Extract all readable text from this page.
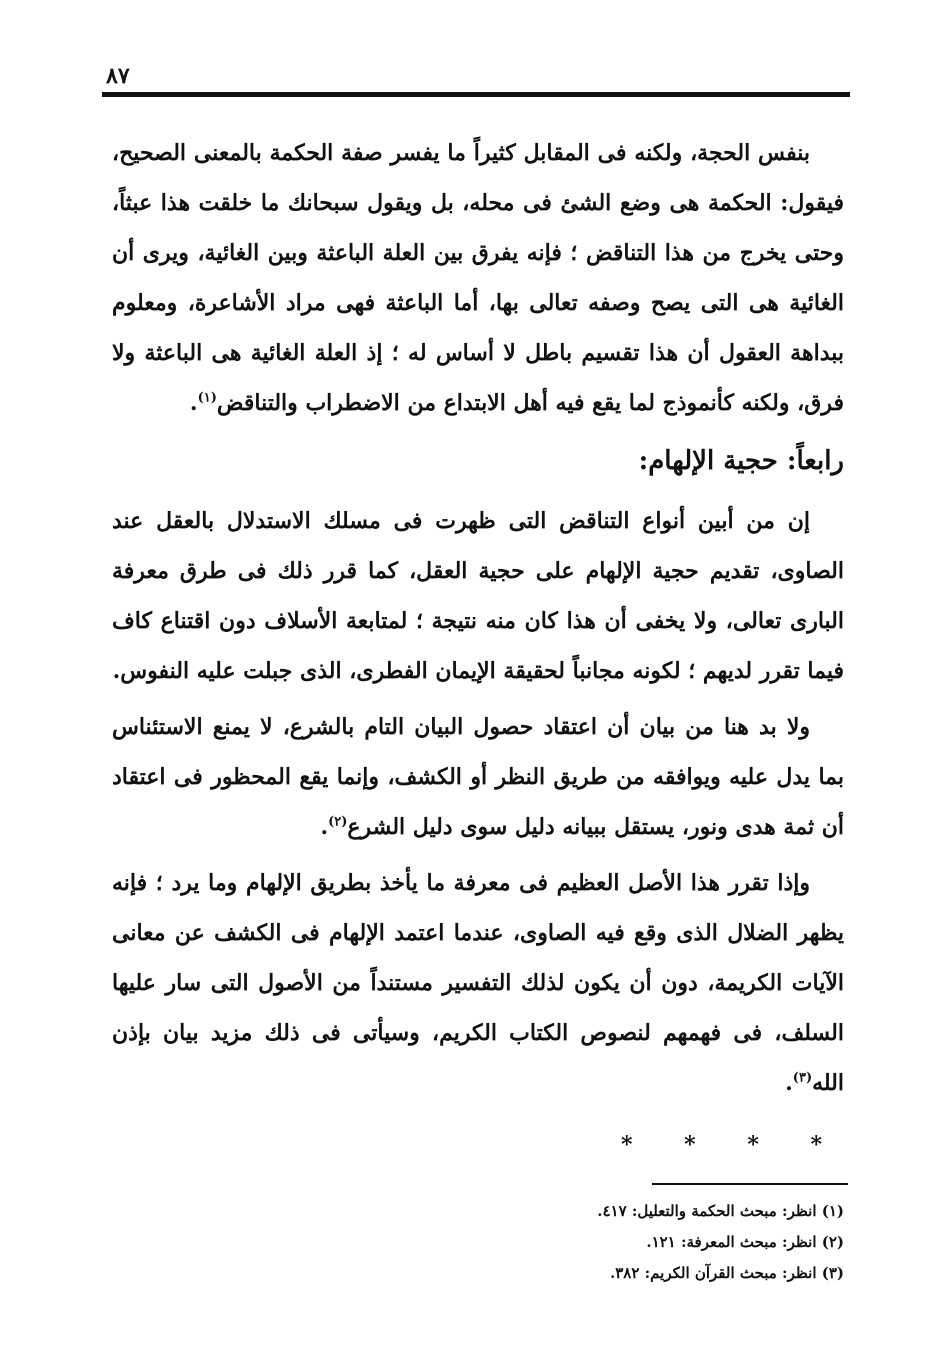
٨٧

بنفس الحجة، ولكنه فى المقابل كثيراً ما يفسر صفة الحكمة بالمعنى الصحيح، فيقول: الحكمة هى وضع الشئ فى محله، بل ويقول سبحانك ما خلقت هذا عبثاً، وحتى يخرج من هذا التناقض ؛ فإنه يفرق بين العلة الباعثة وبين الغائية، ويرى أن الغائية هى التى يصح وصفه تعالى بها، أما الباعثة فهى مراد الأشاعرة، ومعلوم ببداهة العقول أن هذا تقسيم باطل لا أساس له ؛ إذ العلة الغائية هى الباعثة ولا فرق، ولكنه كأنموذج لما يقع فيه أهل الابتداع من الاضطراب والتناقض$^{(١)}$.

رابعاً: حجية الإلهام:

إن من أبين أنواع التناقض التى ظهرت فى مسلك الاستدلال بالعقل عند الصاوى، تقديم حجية الإلهام على حجية العقل، كما قرر ذلك فى طرق معرفة البارى تعالى، ولا يخفى أن هذا كان منه نتيجة ؛ لمتابعة الأسلاف دون اقتناع كاف فيما تقرر لديهم ؛ لكونه مجانباً لحقيقة الإيمان الفطرى، الذى جبلت عليه النفوس.

ولا بد هنا من بيان أن اعتقاد حصول البيان التام بالشرع، لا يمنع الاستئناس بما يدل عليه ويوافقه من طريق النظر أو الكشف، وإنما يقع المحظور فى اعتقاد أن ثمة هدى ونور، يستقل ببيانه دليل سوى دليل الشرع$^{(٢)}$.

وإذا تقرر هذا الأصل العظيم فى معرفة ما يأخذ بطريق الإلهام وما يرد ؛ فإنه يظهر الضلال الذى وقع فيه الصاوى، عندما اعتمد الإلهام فى الكشف عن معانى الآيات الكريمة، دون أن يكون لذلك التفسير مستنداً من الأصول التى سار عليها السلف، فى فهمهم لنصوص الكتاب الكريم، وسيأتى فى ذلك مزيد بيان بإذن الله$^{(٣)}$.

* * * *
(١) انظر: مبحث الحكمة والتعليل: ٤١٧.
(٢) انظر: مبحث المعرفة: ١٢١.
(٣) انظر: مبحث القرآن الكريم: ٣٨٢.
